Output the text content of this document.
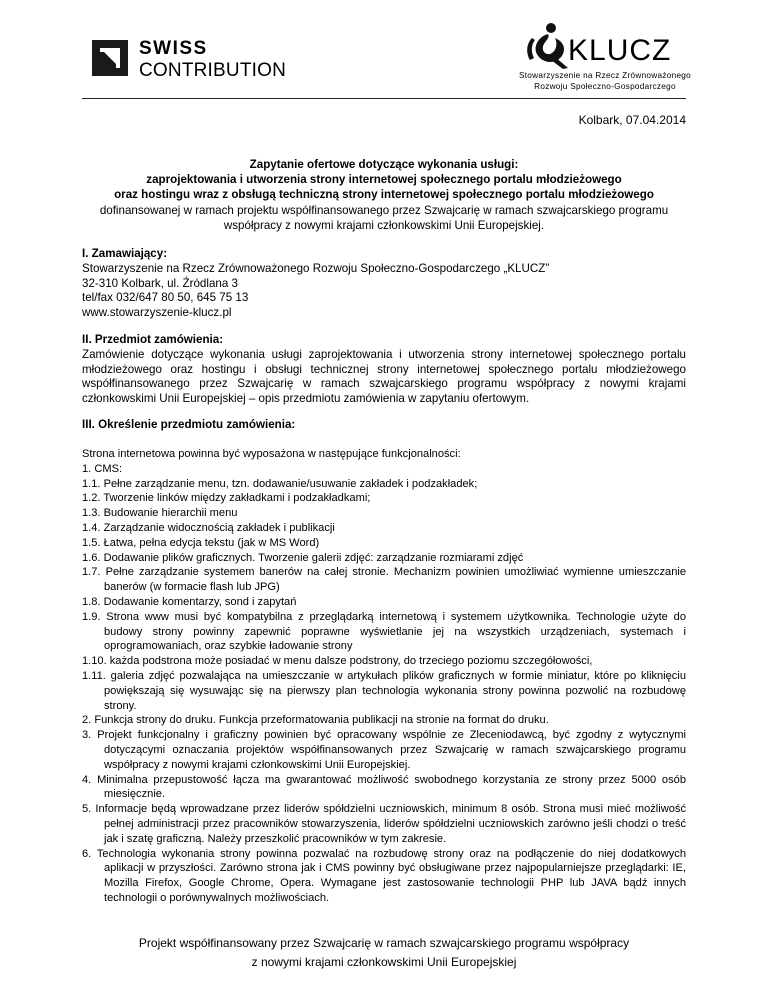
SWISS
CONTRIBUTION
KLUCZ
Stowarzyszenie na Rzecz Zrównoważonego
Rozwoju Społeczno-Gospodarczego
Kolbark, 07.04.2014
Zapytanie ofertowe dotyczące wykonania usługi:
zaprojektowania i utworzenia strony internetowej społecznego portalu młodzieżowego
oraz hostingu wraz z obsługą techniczną strony internetowej społecznego portalu młodzieżowego
dofinansowanej w ramach projektu współfinansowanego przez Szwajcarię w ramach szwajcarskiego programu współpracy z nowymi krajami członkowskimi Unii Europejskiej.
I. Zamawiający:
Stowarzyszenie na Rzecz Zrównoważonego Rozwoju Społeczno-Gospodarczego „KLUCZ”
32-310 Kolbark, ul. Źródlana 3
tel/fax 032/647 80 50, 645 75 13
www.stowarzyszenie-klucz.pl
II. Przedmiot zamówienia:
Zamówienie dotyczące wykonania usługi zaprojektowania i utworzenia strony internetowej społecznego portalu młodzieżowego oraz hostingu i obsługi technicznej strony internetowej społecznego portalu młodzieżowego współfinansowanego przez Szwajcarię w ramach szwajcarskiego programu współpracy z nowymi krajami członkowskimi Unii Europejskiej – opis przedmiotu zamówienia w zapytaniu ofertowym.
III. Określenie przedmiotu zamówienia:
Strona internetowa powinna być wyposażona w następujące funkcjonalności:
1. CMS:
1.1. Pełne zarządzanie menu, tzn. dodawanie/usuwanie zakładek i podzakładek;
1.2. Tworzenie linków między zakładkami i podzakładkami;
1.3. Budowanie hierarchii menu
1.4. Zarządzanie widocznością zakładek i publikacji
1.5. Łatwa, pełna edycja tekstu (jak w MS Word)
1.6. Dodawanie plików graficznych. Tworzenie galerii zdjęć: zarządzanie rozmiarami zdjęć
1.7. Pełne zarządzanie systemem banerów na całej stronie. Mechanizm powinien umożliwiać wymienne umieszczanie banerów (w formacie flash lub JPG)
1.8. Dodawanie komentarzy, sond i zapytań
1.9. Strona www musi być kompatybilna z przeglądarką internetową i systemem użytkownika. Technologie użyte do budowy strony powinny zapewnić poprawne wyświetlanie jej na wszystkich urządzeniach, systemach i oprogramowaniach, oraz szybkie ładowanie strony
1.10. każda podstrona może posiadać w menu dalsze podstrony, do trzeciego poziomu szczegółowości,
1.11. galeria zdjęć pozwalająca na umieszczanie w artykułach plików graficznych w formie miniatur, które po kliknięciu powiększają się wysuwając się na pierwszy plan technologia wykonania strony powinna pozwolić na rozbudowę strony.
2. Funkcja strony do druku. Funkcja przeformatowania publikacji na stronie na format do druku.
3. Projekt funkcjonalny i graficzny powinien być opracowany wspólnie ze Zleceniodawcą, być zgodny z wytycznymi dotyczącymi oznaczania projektów współfinansowanych przez Szwajcarię w ramach szwajcarskiego programu współpracy z nowymi krajami członkowskimi Unii Europejskiej.
4. Minimalna przepustowość łącza ma gwarantować możliwość swobodnego korzystania ze strony przez 5000 osób miesięcznie.
5. Informacje będą wprowadzane przez liderów spółdzielni uczniowskich, minimum 8 osób. Strona musi mieć możliwość pełnej administracji przez pracowników stowarzyszenia, liderów spółdzielni uczniowskich zarówno jeśli chodzi o treść jak i szatę graficzną. Należy przeszkolić pracowników w tym zakresie.
6. Technologia wykonania strony powinna pozwalać na rozbudowę strony oraz na podłączenie do niej dodatkowych aplikacji w przyszłości. Zarówno strona jak i CMS powinny być obsługiwane przez najpopularniejsze przeglądarki: IE, Mozilla Firefox, Google Chrome, Opera. Wymagane jest zastosowanie technologii PHP lub JAVA bądź innych technologii o porównywalnych możliwościach.
Projekt współfinansowany przez Szwajcarię w ramach szwajcarskiego programu współpracy
z nowymi krajami członkowskimi Unii Europejskiej
